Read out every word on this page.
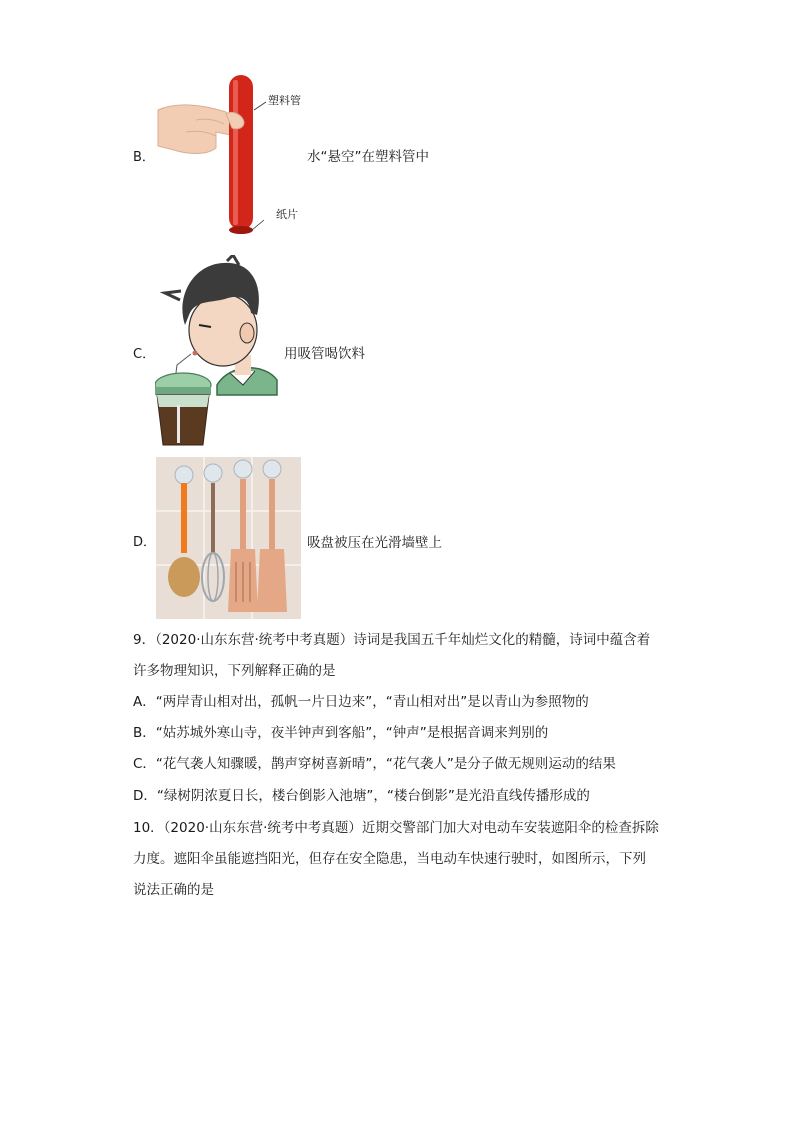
B．
塑料管
纸片
水“悬空”在塑料管中
C．	用吸管喝饮料
D．	吸盘被压在光滑墙壁上
9．（2020·山东东营·统考中考真题）诗词是我国五千年灿烂文化的精髓，诗词中蕴含着
许多物理知识，下列解释正确的是
A．“两岸青山相对出，孤帆一片日边来”，“青山相对出”是以青山为参照物的
B．“姑苏城外寒山寺，夜半钟声到客船”，“钟声”是根据音调来判别的
C．“花气袭人知骤暖，鹊声穿树喜新晴”，“花气袭人”是分子做无规则运动的结果
D．“绿树阴浓夏日长，楼台倒影入池塘”，“楼台倒影”是光沿直线传播形成的
10．（2020·山东东营·统考中考真题）近期交警部门加大对电动车安装遮阳伞的检查拆除
力度。遮阳伞虽能遮挡阳光，但存在安全隐患，当电动车快速行驶时，如图所示，下列
说法正确的是
